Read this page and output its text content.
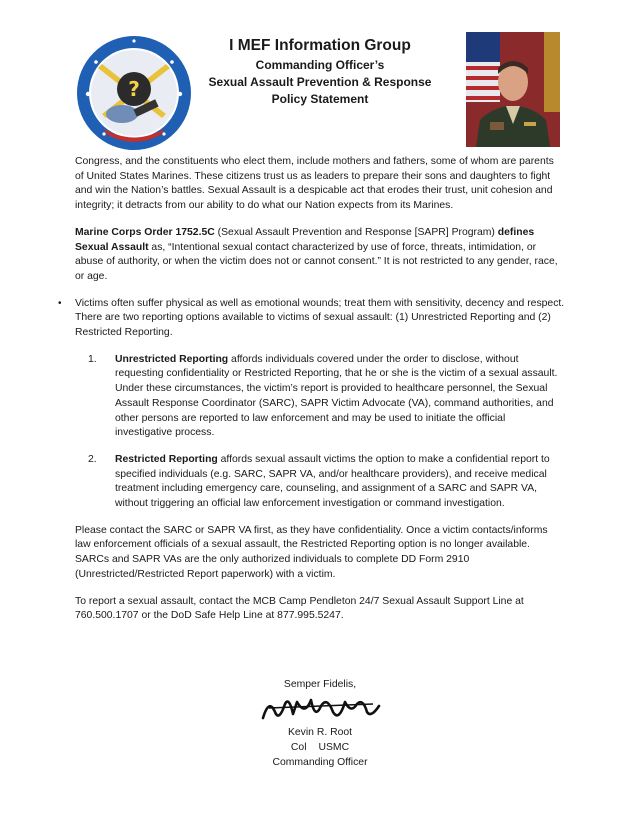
?
I MEF Information Group
Commanding Officer’s
Sexual Assault Prevention & Response
Policy Statement

Congress, and the constituents who elect them, include mothers and fathers, some of whom are parents of United States Marines. These citizens trust us as leaders to prepare their sons and daughters to fight and win the Nation’s battles. Sexual Assault is a despicable act that erodes their trust, unit cohesion and integrity; it detracts from our ability to do what our Nation expects from its Marines.

Marine Corps Order 1752.5C (Sexual Assault Prevention and Response [SAPR] Program) defines Sexual Assault as, “Intentional sexual contact characterized by use of force, threats, intimidation, or abuse of authority, or when the victim does not or cannot consent.” It is not restricted to any gender, race, or age.

• Victims often suffer physical as well as emotional wounds; treat them with sensitivity, decency and respect. There are two reporting options available to victims of sexual assault: (1) Unrestricted Reporting and (2) Restricted Reporting.

1. Unrestricted Reporting affords individuals covered under the order to disclose, without requesting confidentiality or Restricted Reporting, that he or she is the victim of a sexual assault. Under these circumstances, the victim’s report is provided to healthcare personnel, the Sexual Assault Response Coordinator (SARC), SAPR Victim Advocate (VA), command authorities, and other persons are reported to law enforcement and may be used to initiate the official investigative process.
2. Restricted Reporting affords sexual assault victims the option to make a confidential report to specified individuals (e.g. SARC, SAPR VA, and/or healthcare providers), and receive medical treatment including emergency care, counseling, and assignment of a SARC and SAPR VA, without triggering an official law enforcement investigation or command investigation.

Please contact the SARC or SAPR VA first, as they have confidentiality. Once a victim contacts/informs law enforcement officials of a sexual assault, the Restricted Reporting option is no longer available. SARCs and SAPR VAs are the only authorized individuals to complete DD Form 2910 (Unrestricted/Restricted Report paperwork) with a victim.

To report a sexual assault, contact the MCB Camp Pendleton 24/7 Sexual Assault Support Line at 760.500.1707 or the DoD Safe Help Line at 877.995.5247.

Semper Fidelis,
Kevin R. Root
Col USMC
Commanding Officer
